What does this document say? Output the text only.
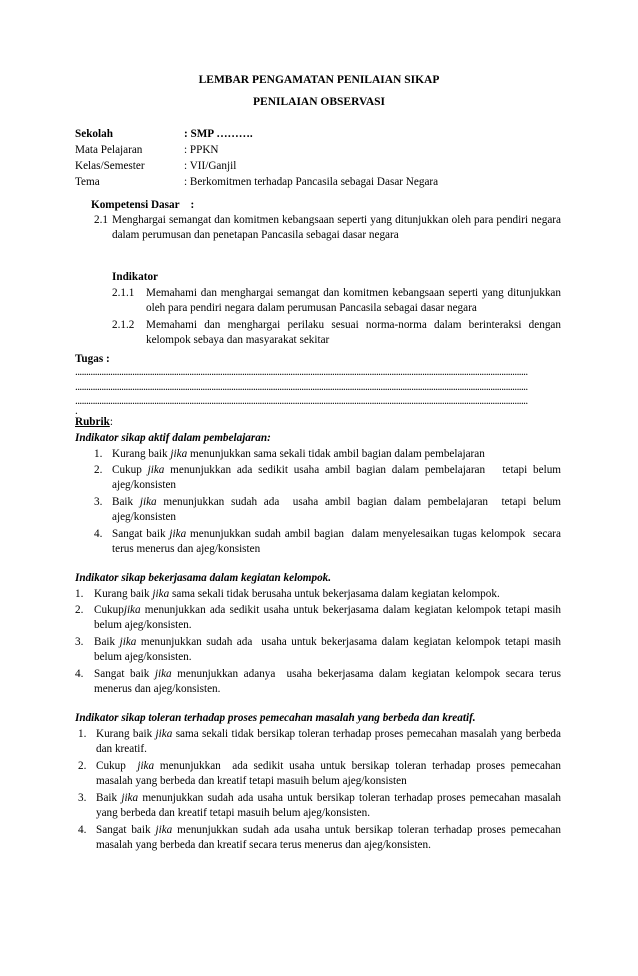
LEMBAR PENGAMATAN PENILAIAN SIKAP
PENILAIAN OBSERVASI
Sekolah	: SMP ……….
Mata Pelajaran	: PPKN
Kelas/Semester	: VII/Ganjil
Tema	: Berkomitmen terhadap Pancasila sebagai Dasar Negara
Kompetensi Dasar    :
2.1 Menghargai semangat dan komitmen kebangsaan seperti yang ditunjukkan oleh para pendiri negara dalam perumusan dan penetapan Pancasila sebagai dasar negara
Indikator
2.1.1 Memahami dan menghargai semangat dan komitmen kebangsaan seperti yang ditunjukkan oleh para pendiri negara dalam perumusan Pancasila sebagai dasar negara
2.1.2 Memahami dan menghargai perilaku sesuai norma-norma dalam berinteraksi dengan kelompok sebaya dan masyarakat sekitar
Tugas :
..............................................................................................................................................................................................................
..............................................................................................................................................................................................................
..............................................................................................................................................................................................................
.
Rubrik:
Indikator sikap aktif dalam pembelajaran:
1. Kurang baik jika menunjukkan sama sekali tidak ambil bagian dalam pembelajaran
2. Cukup jika menunjukkan ada sedikit usaha ambil bagian dalam pembelajaran   tetapi belum ajeg/konsisten
3. Baik jika menunjukkan sudah ada  usaha ambil bagian dalam pembelajaran  tetapi belum ajeg/konsisten
4. Sangat baik jika menunjukkan sudah ambil bagian  dalam menyelesaikan tugas kelompok  secara terus menerus dan ajeg/konsisten
Indikator sikap bekerjasama dalam kegiatan kelompok.
1. Kurang baik jika sama sekali tidak berusaha untuk bekerjasama dalam kegiatan kelompok.
2. Cukupjika menunjukkan ada sedikit usaha untuk bekerjasama dalam kegiatan kelompok tetapi masih belum ajeg/konsisten.
3. Baik jika menunjukkan sudah ada  usaha untuk bekerjasama dalam kegiatan kelompok tetapi masih belum ajeg/konsisten.
4. Sangat baik jika menunjukkan adanya  usaha bekerjasama dalam kegiatan kelompok secara terus menerus dan ajeg/konsisten.
Indikator sikap toleran terhadap proses pemecahan masalah yang berbeda dan kreatif.
1. Kurang baik jika sama sekali tidak bersikap toleran terhadap proses pemecahan masalah yang berbeda dan kreatif.
2. Cukup  jika menunjukkan  ada sedikit usaha untuk bersikap toleran terhadap proses pemecahan masalah yang berbeda dan kreatif tetapi masuih belum ajeg/konsisten
3. Baik jika menunjukkan sudah ada usaha untuk bersikap toleran terhadap proses pemecahan masalah yang berbeda dan kreatif tetapi masuih belum ajeg/konsisten.
4. Sangat baik jika menunjukkan sudah ada usaha untuk bersikap toleran terhadap proses pemecahan masalah yang berbeda dan kreatif secara terus menerus dan ajeg/konsisten.
